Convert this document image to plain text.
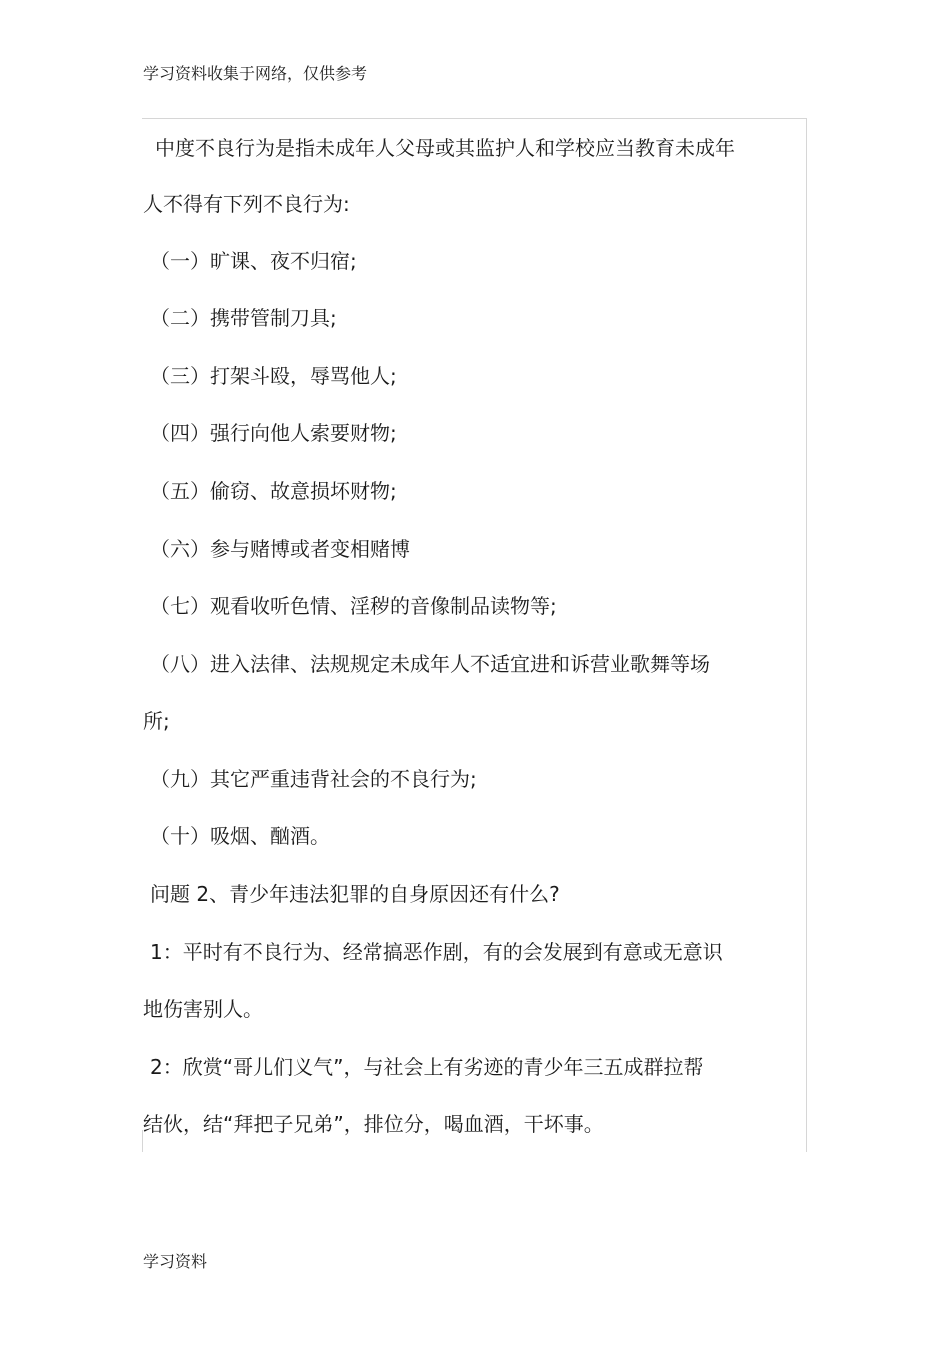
学习资料收集于网络，仅供参考
中度不良行为是指未成年人父母或其监护人和学校应当教育未成年
人不得有下列不良行为:
（一）旷课、夜不归宿;
（二）携带管制刀具;
（三）打架斗殴，辱骂他人;
（四）强行向他人索要财物;
（五）偷窃、故意损坏财物;
（六）参与赌博或者变相赌博
（七）观看收听色情、淫秽的音像制品读物等;
（八）进入法律、法规规定未成年人不适宜进和诉营业歌舞等场
所;
（九）其它严重违背社会的不良行为;
（十）吸烟、酗酒。
问题 2、青少年违法犯罪的自身原因还有什么?
1：平时有不良行为、经常搞恶作剧，有的会发展到有意或无意识
地伤害别人。
2：欣赏“哥儿们义气”，与社会上有劣迹的青少年三五成群拉帮
结伙，结“拜把子兄弟”，排位分，喝血酒，干坏事。
学习资料
